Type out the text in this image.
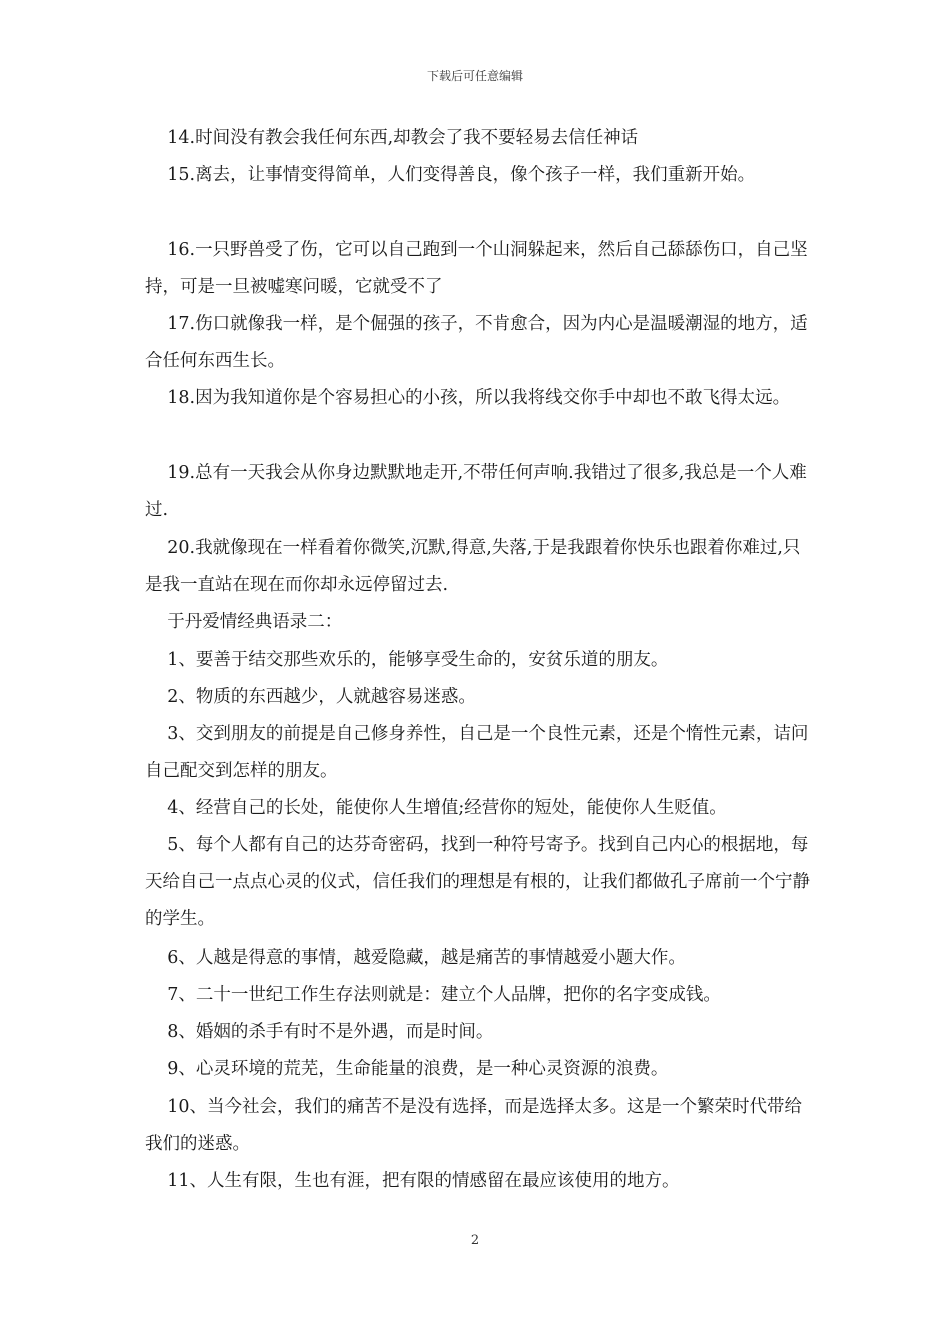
下载后可任意编辑

14.时间没有教会我任何东西,却教会了我不要轻易去信任神话

15.离去，让事情变得简单，人们变得善良，像个孩子一样，我们重新开始。

16.一只野兽受了伤，它可以自己跑到一个山洞躲起来，然后自己舔舔伤口，自己坚持，可是一旦被嘘寒问暖，它就受不了

17.伤口就像我一样，是个倔强的孩子，不肯愈合，因为内心是温暖潮湿的地方，适合任何东西生长。

18.因为我知道你是个容易担心的小孩，所以我将线交你手中却也不敢飞得太远。

19.总有一天我会从你身边默默地走开,不带任何声响.我错过了很多,我总是一个人难过.

20.我就像现在一样看着你微笑,沉默,得意,失落,于是我跟着你快乐也跟着你难过,只是我一直站在现在而你却永远停留过去.

于丹爱情经典语录二：

1、要善于结交那些欢乐的，能够享受生命的，安贫乐道的朋友。

2、物质的东西越少，人就越容易迷惑。

3、交到朋友的前提是自己修身养性，自己是一个良性元素，还是个惰性元素，诘问自己配交到怎样的朋友。

4、经营自己的长处，能使你人生增值;经营你的短处，能使你人生贬值。

5、每个人都有自己的达芬奇密码，找到一种符号寄予。找到自己内心的根据地，每天给自己一点点心灵的仪式，信任我们的理想是有根的，让我们都做孔子席前一个宁静的学生。

6、人越是得意的事情，越爱隐藏，越是痛苦的事情越爱小题大作。

7、二十一世纪工作生存法则就是：建立个人品牌，把你的名字变成钱。

8、婚姻的杀手有时不是外遇，而是时间。

9、心灵环境的荒芜，生命能量的浪费，是一种心灵资源的浪费。

10、当今社会，我们的痛苦不是没有选择，而是选择太多。这是一个繁荣时代带给我们的迷惑。

11、人生有限，生也有涯，把有限的情感留在最应该使用的地方。

2
